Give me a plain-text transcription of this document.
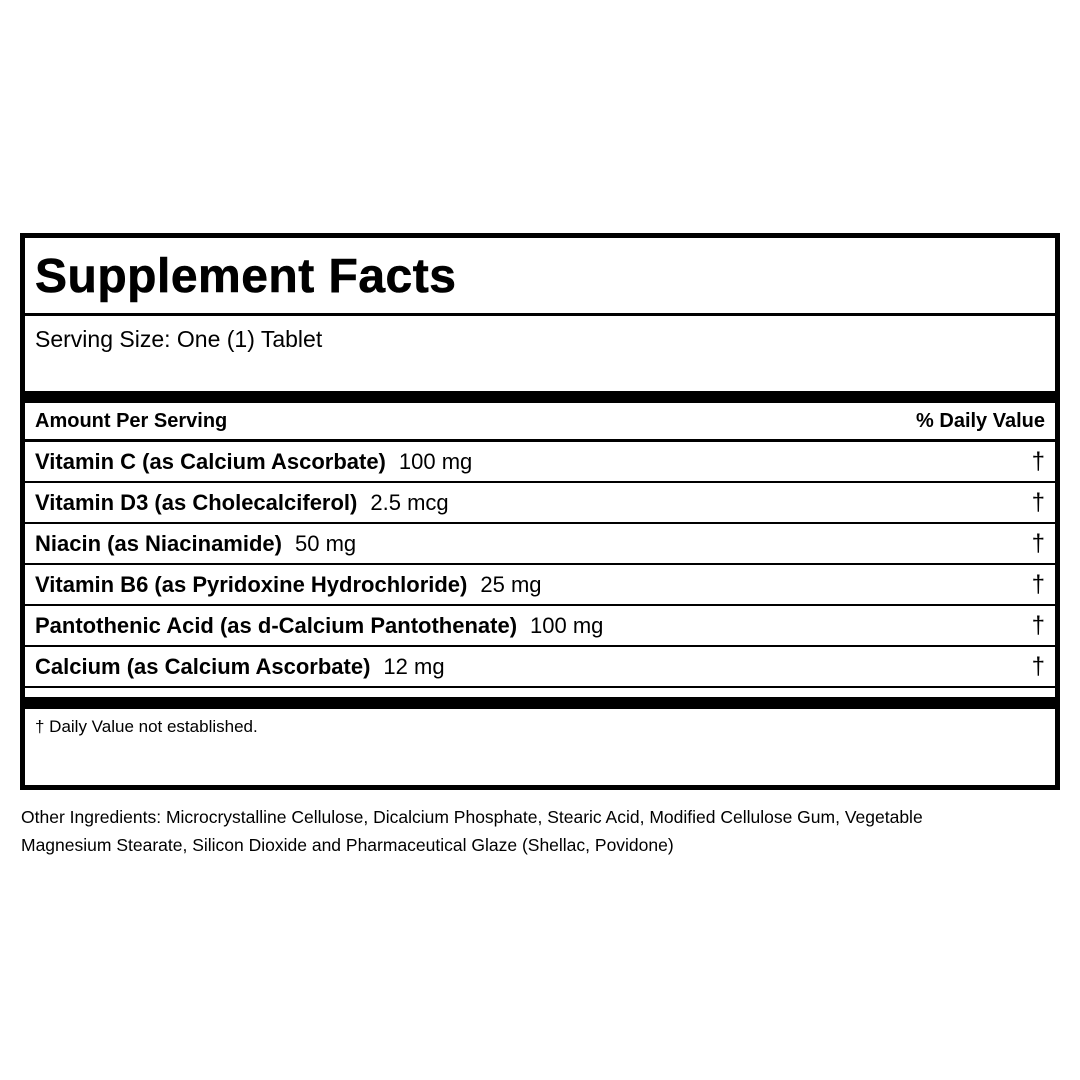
Supplement Facts
Serving Size: One (1) Tablet
Amount Per Serving	% Daily Value
Vitamin C (as Calcium Ascorbate) 100 mg	†
Vitamin D3 (as Cholecalciferol) 2.5 mcg	†
Niacin (as Niacinamide) 50 mg	†
Vitamin B6 (as Pyridoxine Hydrochloride) 25 mg	†
Pantothenic Acid (as d-Calcium Pantothenate) 100 mg	†
Calcium (as Calcium Ascorbate) 12 mg	†
† Daily Value not established.
Other Ingredients: Microcrystalline Cellulose, Dicalcium Phosphate, Stearic Acid, Modified Cellulose Gum, Vegetable
Magnesium Stearate, Silicon Dioxide and Pharmaceutical Glaze (Shellac, Povidone)
